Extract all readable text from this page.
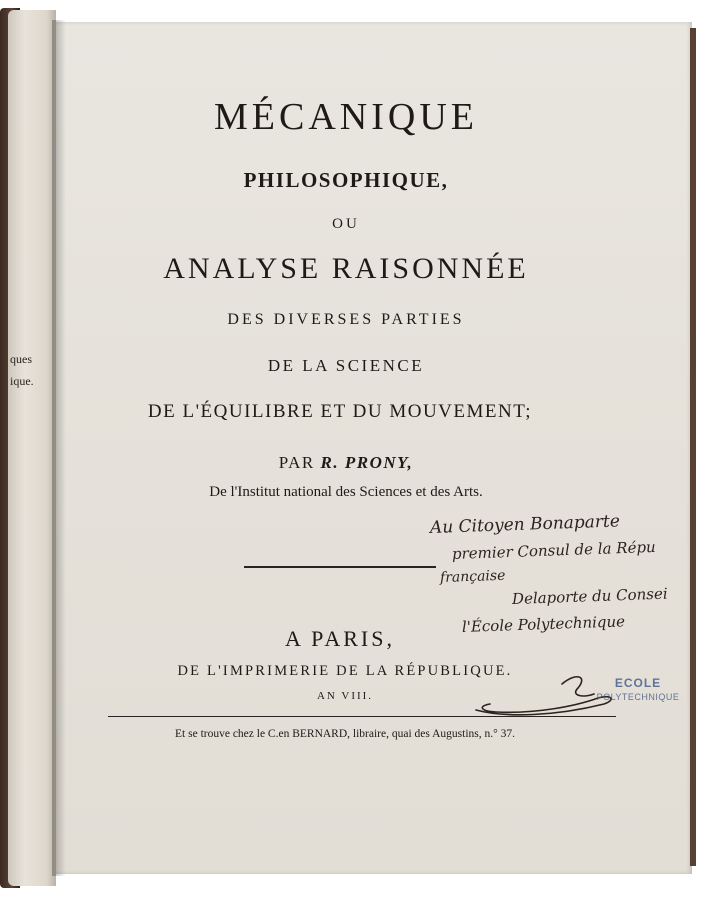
ques
ique.
MÉCANIQUE
PHILOSOPHIQUE,
OU
ANALYSE RAISONNÉE
DES DIVERSES PARTIES
DE LA SCIENCE
DE L'ÉQUILIBRE ET DU MOUVEMENT;
PAR R. PRONY,
De l'Institut national des Sciences et des Arts.
A PARIS,
DE L'IMPRIMERIE DE LA RÉPUBLIQUE.
AN VIII.
Et se trouve chez le C.en BERNARD, libraire, quai des Augustins, n.° 37.
Au Citoyen Bonaparte
premier Consul de la Répu
française
Delaporte du Consei
l'École Polytechnique
ECOLE
POLYTECHNIQUE
